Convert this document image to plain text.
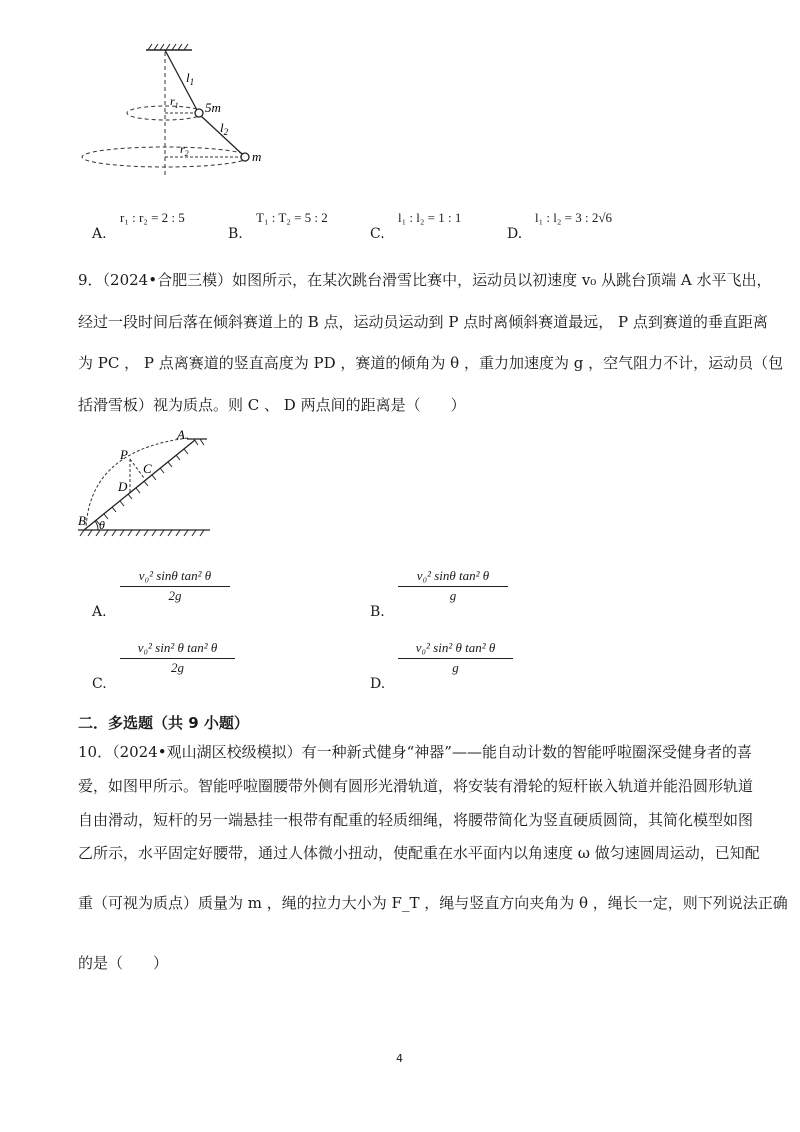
$l_1$
$r_1$ 5m
$l_2$
$r_2$	m
r₁ : r₂ = 2 : 5
A.
T₁ : T₂ = 5 : 2
B.
l₁ : l₂ = 1 : 1
C.
l₁ : l₂ = 3 : 2√6
D.
9．（2024•合肥三模）如图所示，在某次跳台滑雪比赛中，运动员以初速度 v₀ 从跳台顶端 A 水平飞出，
经过一段时间后落在倾斜赛道上的 B 点，运动员运动到 P 点时离倾斜赛道最远， P 点到赛道的垂直距离
为 PC ， P 点离赛道的竖直高度为 PD ，赛道的倾角为 θ ，重力加速度为 g ，空气阻力不计，运动员（包
括滑雪板）视为质点。则 C 、 D 两点间的距离是（　　）
A
P
C
D
B θ
$\frac{\text{v₀² sinθ tan² θ}}{2g}$
A.
$\frac{\text{v₀² sinθ tan² θ}}{g}$
B.
$\frac{\text{v₀² sin² θ tan² θ}}{2g}$
C.
$\frac{\text{v₀² sin² θ tan² θ}}{g}$
D.
二．多选题（共 9 小题）
10．（2024•观山湖区校级模拟）有一种新式健身“神器”——能自动计数的智能呼啦圈深受健身者的喜
爱，如图甲所示。智能呼啦圈腰带外侧有圆形光滑轨道，将安装有滑轮的短杆嵌入轨道并能沿圆形轨道
自由滑动，短杆的另一端悬挂一根带有配重的轻质细绳，将腰带简化为竖直硬质圆筒，其简化模型如图
乙所示，水平固定好腰带，通过人体微小扭动，使配重在水平面内以角速度 ω 做匀速圆周运动，已知配
重（可视为质点）质量为 m ，绳的拉力大小为 F_T ，绳与竖直方向夹角为 θ ，绳长一定，则下列说法正确
的是（　　）
4
